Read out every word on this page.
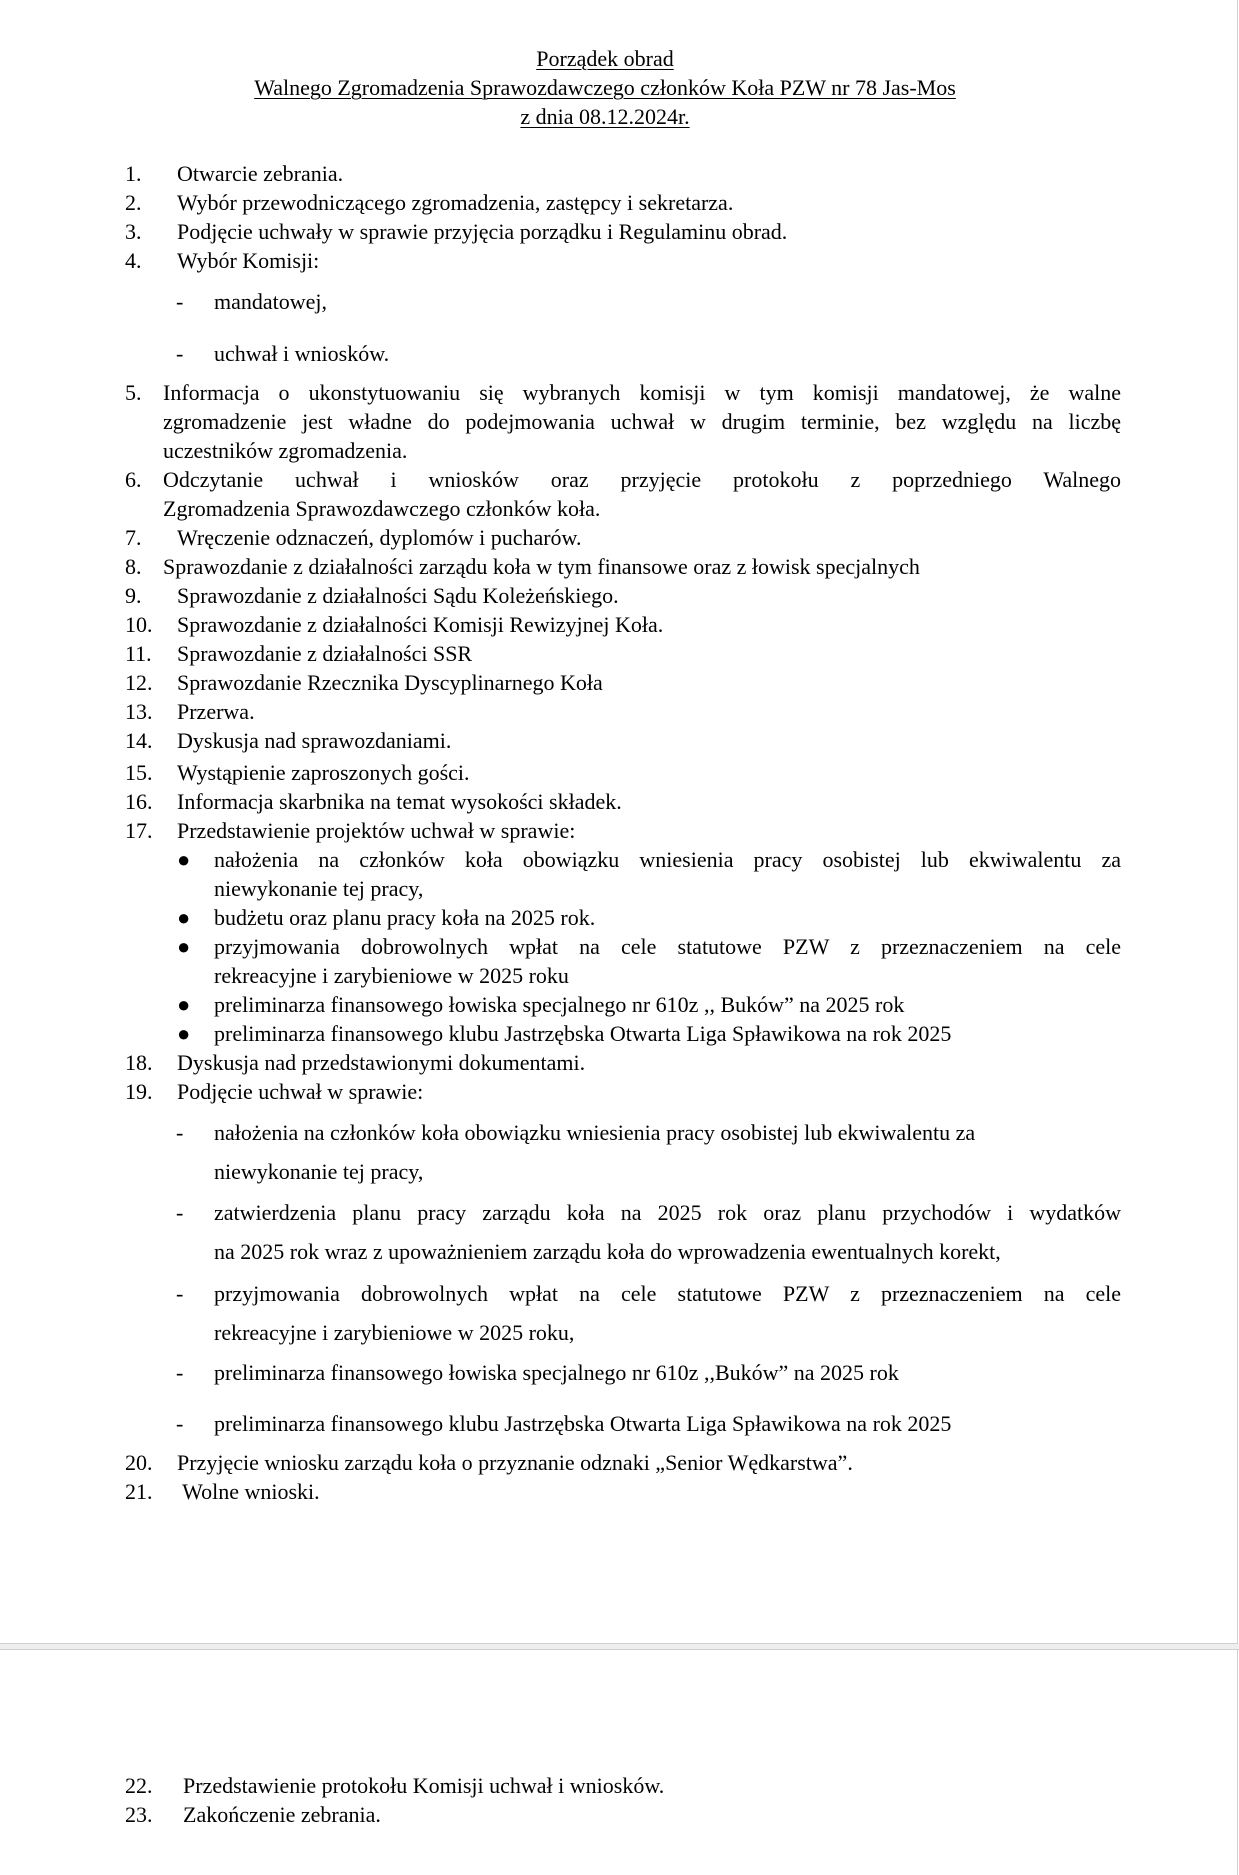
Porządek obrad
Walnego Zgromadzenia Sprawozdawczego członków Koła PZW nr 78 Jas-Mos
z dnia 08.12.2024r.
1. Otwarcie zebrania.
2. Wybór przewodniczącego zgromadzenia, zastępcy i sekretarza.
3. Podjęcie uchwały w sprawie przyjęcia porządku i Regulaminu obrad.
4. Wybór Komisji:
- mandatowej,
- uchwał i wniosków.
5. Informacja o ukonstytuowaniu się wybranych komisji w tym komisji mandatowej, że walne
zgromadzenie jest władne do podejmowania uchwał w drugim terminie, bez względu na liczbę
uczestników zgromadzenia.
6. Odczytanie uchwał i wniosków oraz przyjęcie protokołu z poprzedniego Walnego
Zgromadzenia Sprawozdawczego członków koła.
7. Wręczenie odznaczeń, dyplomów i pucharów.
8. Sprawozdanie z działalności zarządu koła w tym finansowe oraz z łowisk specjalnych
9. Sprawozdanie z działalności Sądu Koleżeńskiego.
10. Sprawozdanie z działalności Komisji Rewizyjnej Koła.
11. Sprawozdanie z działalności SSR
12. Sprawozdanie Rzecznika Dyscyplinarnego Koła
13. Przerwa.
14. Dyskusja nad sprawozdaniami.
15. Wystąpienie zaproszonych gości.
16. Informacja skarbnika na temat wysokości składek.
17. Przedstawienie projektów uchwał w sprawie:
● nałożenia na członków koła obowiązku wniesienia pracy osobistej lub ekwiwalentu za
niewykonanie tej pracy,
● budżetu oraz planu pracy koła na 2025 rok.
● przyjmowania dobrowolnych wpłat na cele statutowe PZW z przeznaczeniem na cele
rekreacyjne i zarybieniowe w 2025 roku
● preliminarza finansowego łowiska specjalnego nr 610z ,, Buków” na 2025 rok
● preliminarza finansowego klubu Jastrzębska Otwarta Liga Spławikowa na rok 2025
18. Dyskusja nad przedstawionymi dokumentami.
19. Podjęcie uchwał w sprawie:
- nałożenia na członków koła obowiązku wniesienia pracy osobistej lub ekwiwalentu za
niewykonanie tej pracy,
- zatwierdzenia planu pracy zarządu koła na 2025 rok oraz planu przychodów i wydatków
na 2025 rok wraz z upoważnieniem zarządu koła do wprowadzenia ewentualnych korekt,
- przyjmowania dobrowolnych wpłat na cele statutowe PZW z przeznaczeniem na cele
rekreacyjne i zarybieniowe w 2025 roku,
- preliminarza finansowego łowiska specjalnego nr 610z ,,Buków” na 2025 rok
- preliminarza finansowego klubu Jastrzębska Otwarta Liga Spławikowa na rok 2025
20. Przyjęcie wniosku zarządu koła o przyznanie odznaki „Senior Wędkarstwa”.
21. Wolne wnioski.
22. Przedstawienie protokołu Komisji uchwał i wniosków.
23. Zakończenie zebrania.
